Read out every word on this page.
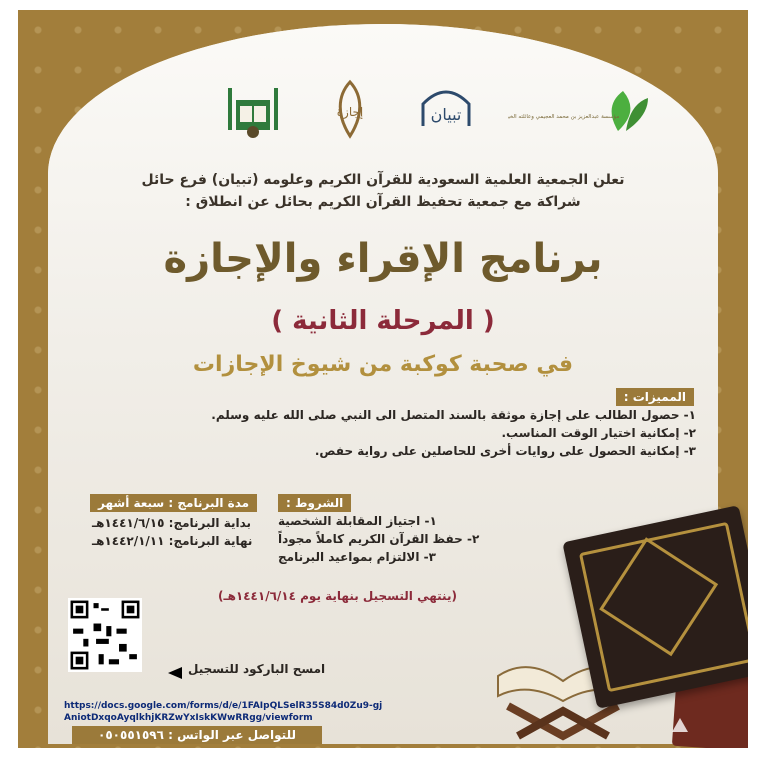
إجازة	تبيان	مؤسسة عبدالعزيز بن محمد العجيمي وعائلته الخيرية
تعلن الجمعية العلمية السعودية للقرآن الكريم وعلومه (تبيان) فرع حائل
شراكة مع جمعية تحفيظ القرآن الكريم بحائل عن انطلاق :
برنامج الإقراء والإجازة
( المرحلة الثانية )
في صحبة كوكبة من شيوخ الإجازات
المميزات :
١- حصول الطالب على إجازة موثقة بالسند المتصل الى النبي صلى الله عليه وسلم.
٢- إمكانية اختيار الوقت المناسب.
٣- إمكانية الحصول على روايات أخرى للحاصلين على رواية حفص.
مدة البرنامج : سبعة أشهر
بداية البرنامج: ١٤٤١/٦/١٥هـ
نهاية البرنامج: ١٤٤٢/١/١١هـ
الشروط :
١- اجتياز المقابلة الشخصية
٢- حفظ القرآن الكريم كاملاً مجوداً
٣- الالتزام بمواعيد البرنامج
(ينتهي التسجيل بنهاية يوم ١٤٤١/٦/١٤هـ)
امسح الباركود للتسجيل
https://docs.google.com/forms/d/e/1FAIpQLSelR35S84d0Zu9-gj
AniotDxqoAyqlkhjKRZwYxIskKWwRRgg/viewform
للتواصل عبر الواتس : ٠٥٠٥٥١٥٩٦
